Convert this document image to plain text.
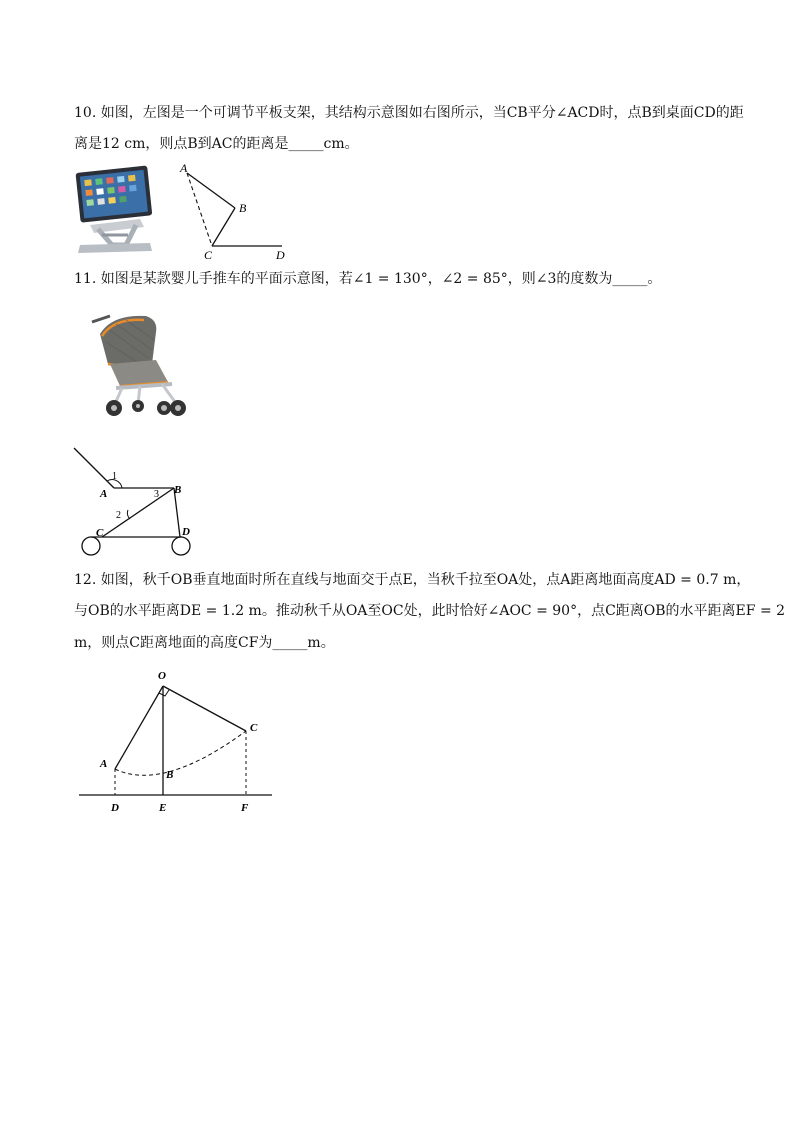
10. 如图，左图是一个可调节平板支架，其结构示意图如右图所示，当CB平分∠ACD时，点B到桌面CD的距
离是12 cm，则点B到AC的距离是_____cm。
A
B
C	D
11. 如图是某款婴儿手推车的平面示意图，若∠1 = 130°，∠2 = 85°，则∠3的度数为_____。
1
A	3 B
2
C	D
12. 如图，秋千OB垂直地面时所在直线与地面交于点E，当秋千拉至OA处，点A距离地面高度AD = 0.7 m，
与OB的水平距离DE = 1.2 m。推动秋千从OA至OC处，此时恰好∠AOC = 90°，点C距离OB的水平距离EF = 2
m，则点C距离地面的高度CF为_____m。
O
C
A
B
D	E	F
